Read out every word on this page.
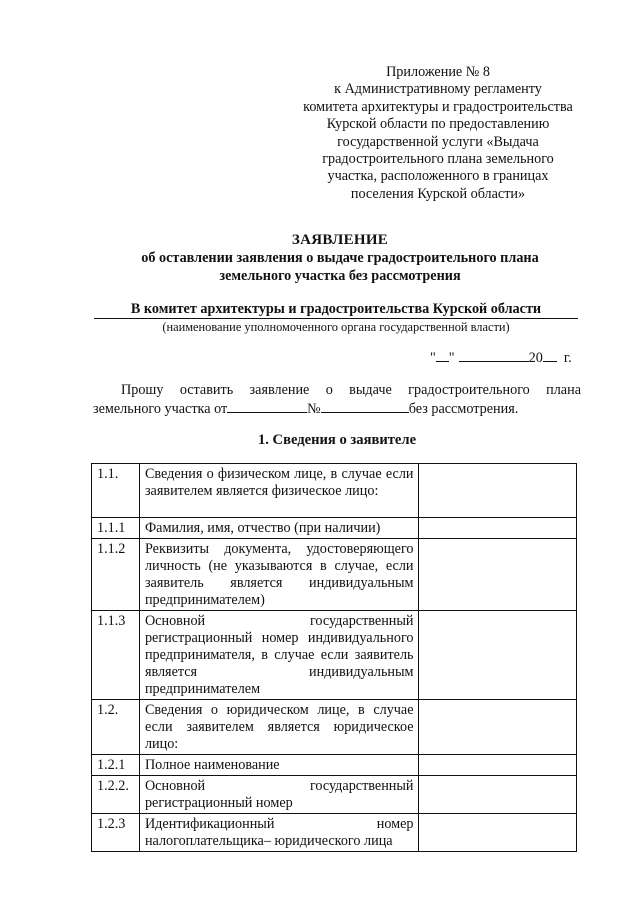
Приложение № 8
к Административному регламенту
комитета архитектуры и градостроительства
Курской области по предоставлению
государственной услуги «Выдача
градостроительного плана земельного
участка, расположенного в границах
поселения Курской области»
ЗАЯВЛЕНИЕ
об оставлении заявления о выдаче градостроительного плана
земельного участка без рассмотрения
В комитет архитектуры и градостроительства Курской области
(наименование уполномоченного органа государственной власти)
" "	20 г.
Прошу оставить заявление о выдаче градостроительного плана
земельного участка от	№	без рассмотрения.
1. Сведения о заявителе
1.1.	Сведения о физическом лице, в случае если заявителем является физическое лицо:	
1.1.1	Фамилия, имя, отчество (при наличии)	
1.1.2	Реквизиты документа, удостоверяющего личность (не указываются в случае, если заявитель является индивидуальным предпринимателем)	
1.1.3	Основной государственный регистрационный номер индивидуального предпринимателя, в случае если заявитель является индивидуальным предпринимателем	
1.2.	Сведения о юридическом лице, в случае если заявителем является юридическое лицо:	
1.2.1	Полное наименование	
1.2.2.	Основной государственный регистрационный номер	
1.2.3	Идентификационный номер налогоплательщика– юридического лица	
